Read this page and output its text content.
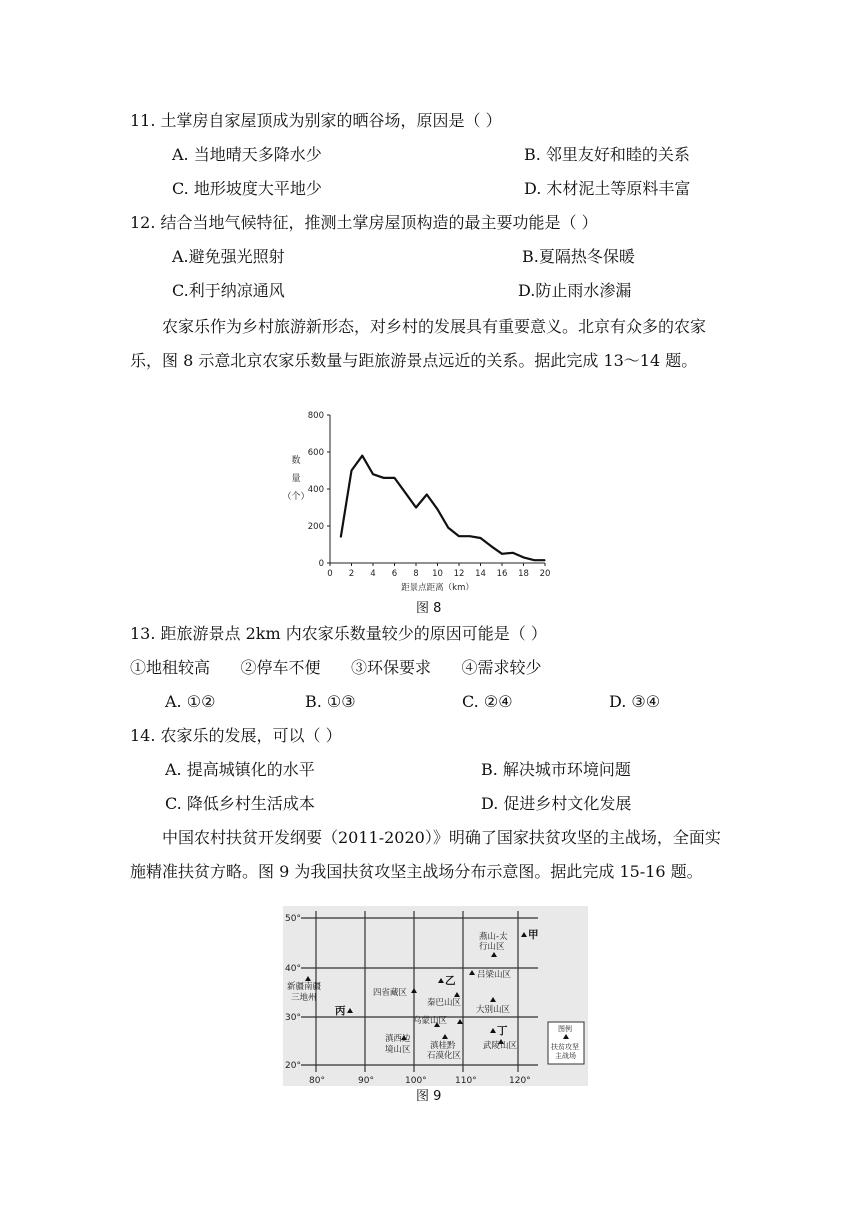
11. 土掌房自家屋顶成为别家的晒谷场，原因是（ ）
A. 当地晴天多降水少	B. 邻里友好和睦的关系
C. 地形坡度大平地少	D. 木材泥土等原料丰富
12. 结合当地气候特征，推测土掌房屋顶构造的最主要功能是（ ）
A.避免强光照射	B.夏隔热冬保暖
C.利于纳凉通风	D.防止雨水渗漏
农家乐作为乡村旅游新形态，对乡村的发展具有重要意义。北京有众多的农家乐，图 8 示意北京农家乐数量与距旅游景点远近的关系。据此完成 13～14 题。
0
200
400
600
800
0 2 4 6 8 10 12 14 16 18 20
数量（个）
距景点距离（km）
图 8
13. 距旅游景点 2km 内农家乐数量较少的原因可能是（ ）
①地租较高      ②停车不便      ③环保要求      ④需求较少
A. ①②	B. ①③	C. ②④	D. ③④
14. 农家乐的发展，可以（ ）
A. 提高城镇化的水平	B. 解决城市环境问题
C. 降低乡村生活成本	D. 促进乡村文化发展
中国农村扶贫开发纲要（2011-2020）》明确了国家扶贫攻坚的主战场，全面实施精准扶贫方略。图 9 为我国扶贫攻坚主战场分布示意图。据此完成 15-16 题。
50°
40°
30°
20°
80°	90°	100°	110°	120°
燕山-太
行山区
吕梁山区
新疆南疆
三地州	四省藏区
秦巴山区
大别山区
乌蒙山区
滇西边
境山区 滇桂黔
石漠化区
武陵山区
甲
乙
丙
丁	图例
扶贫攻坚
主战场
图 9
